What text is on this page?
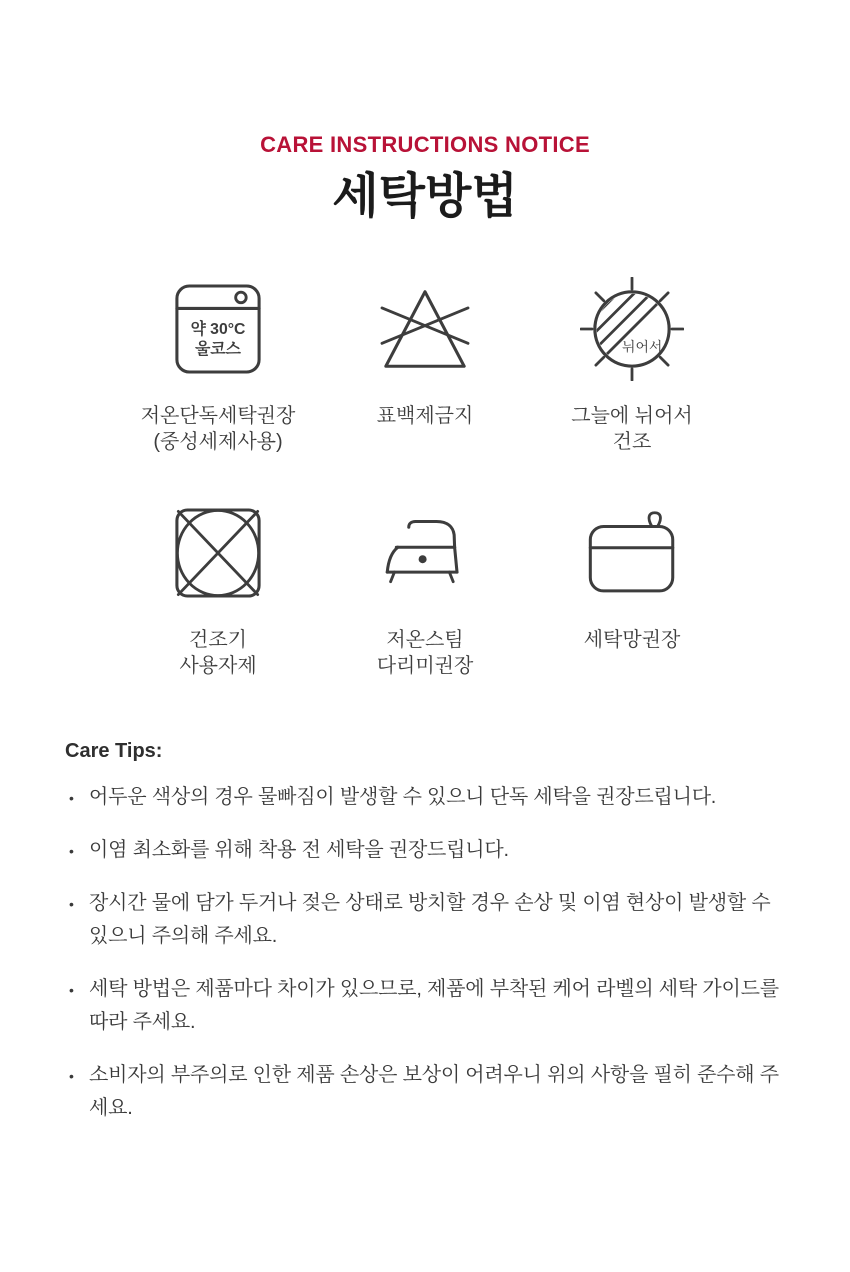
CARE INSTRUCTIONS NOTICE
세탁방법
약 30°C
울코스
저온단독세탁권장
(중성세제사용)
표백제금지
뉘어서
그늘에 뉘어서
건조
건조기
사용자제
저온스팀
다리미권장
세탁망권장
Care Tips:
• 어두운 색상의 경우 물빠짐이 발생할 수 있으니 단독 세탁을 권장드립니다.
• 이염 최소화를 위해 착용 전 세탁을 권장드립니다.
• 장시간 물에 담가 두거나 젖은 상태로 방치할 경우 손상 및 이염 현상이 발생할 수 있으니 주의해 주세요.
• 세탁 방법은 제품마다 차이가 있으므로, 제품에 부착된 케어 라벨의 세탁 가이드를 따라 주세요.
• 소비자의 부주의로 인한 제품 손상은 보상이 어려우니 위의 사항을 필히 준수해 주세요.
